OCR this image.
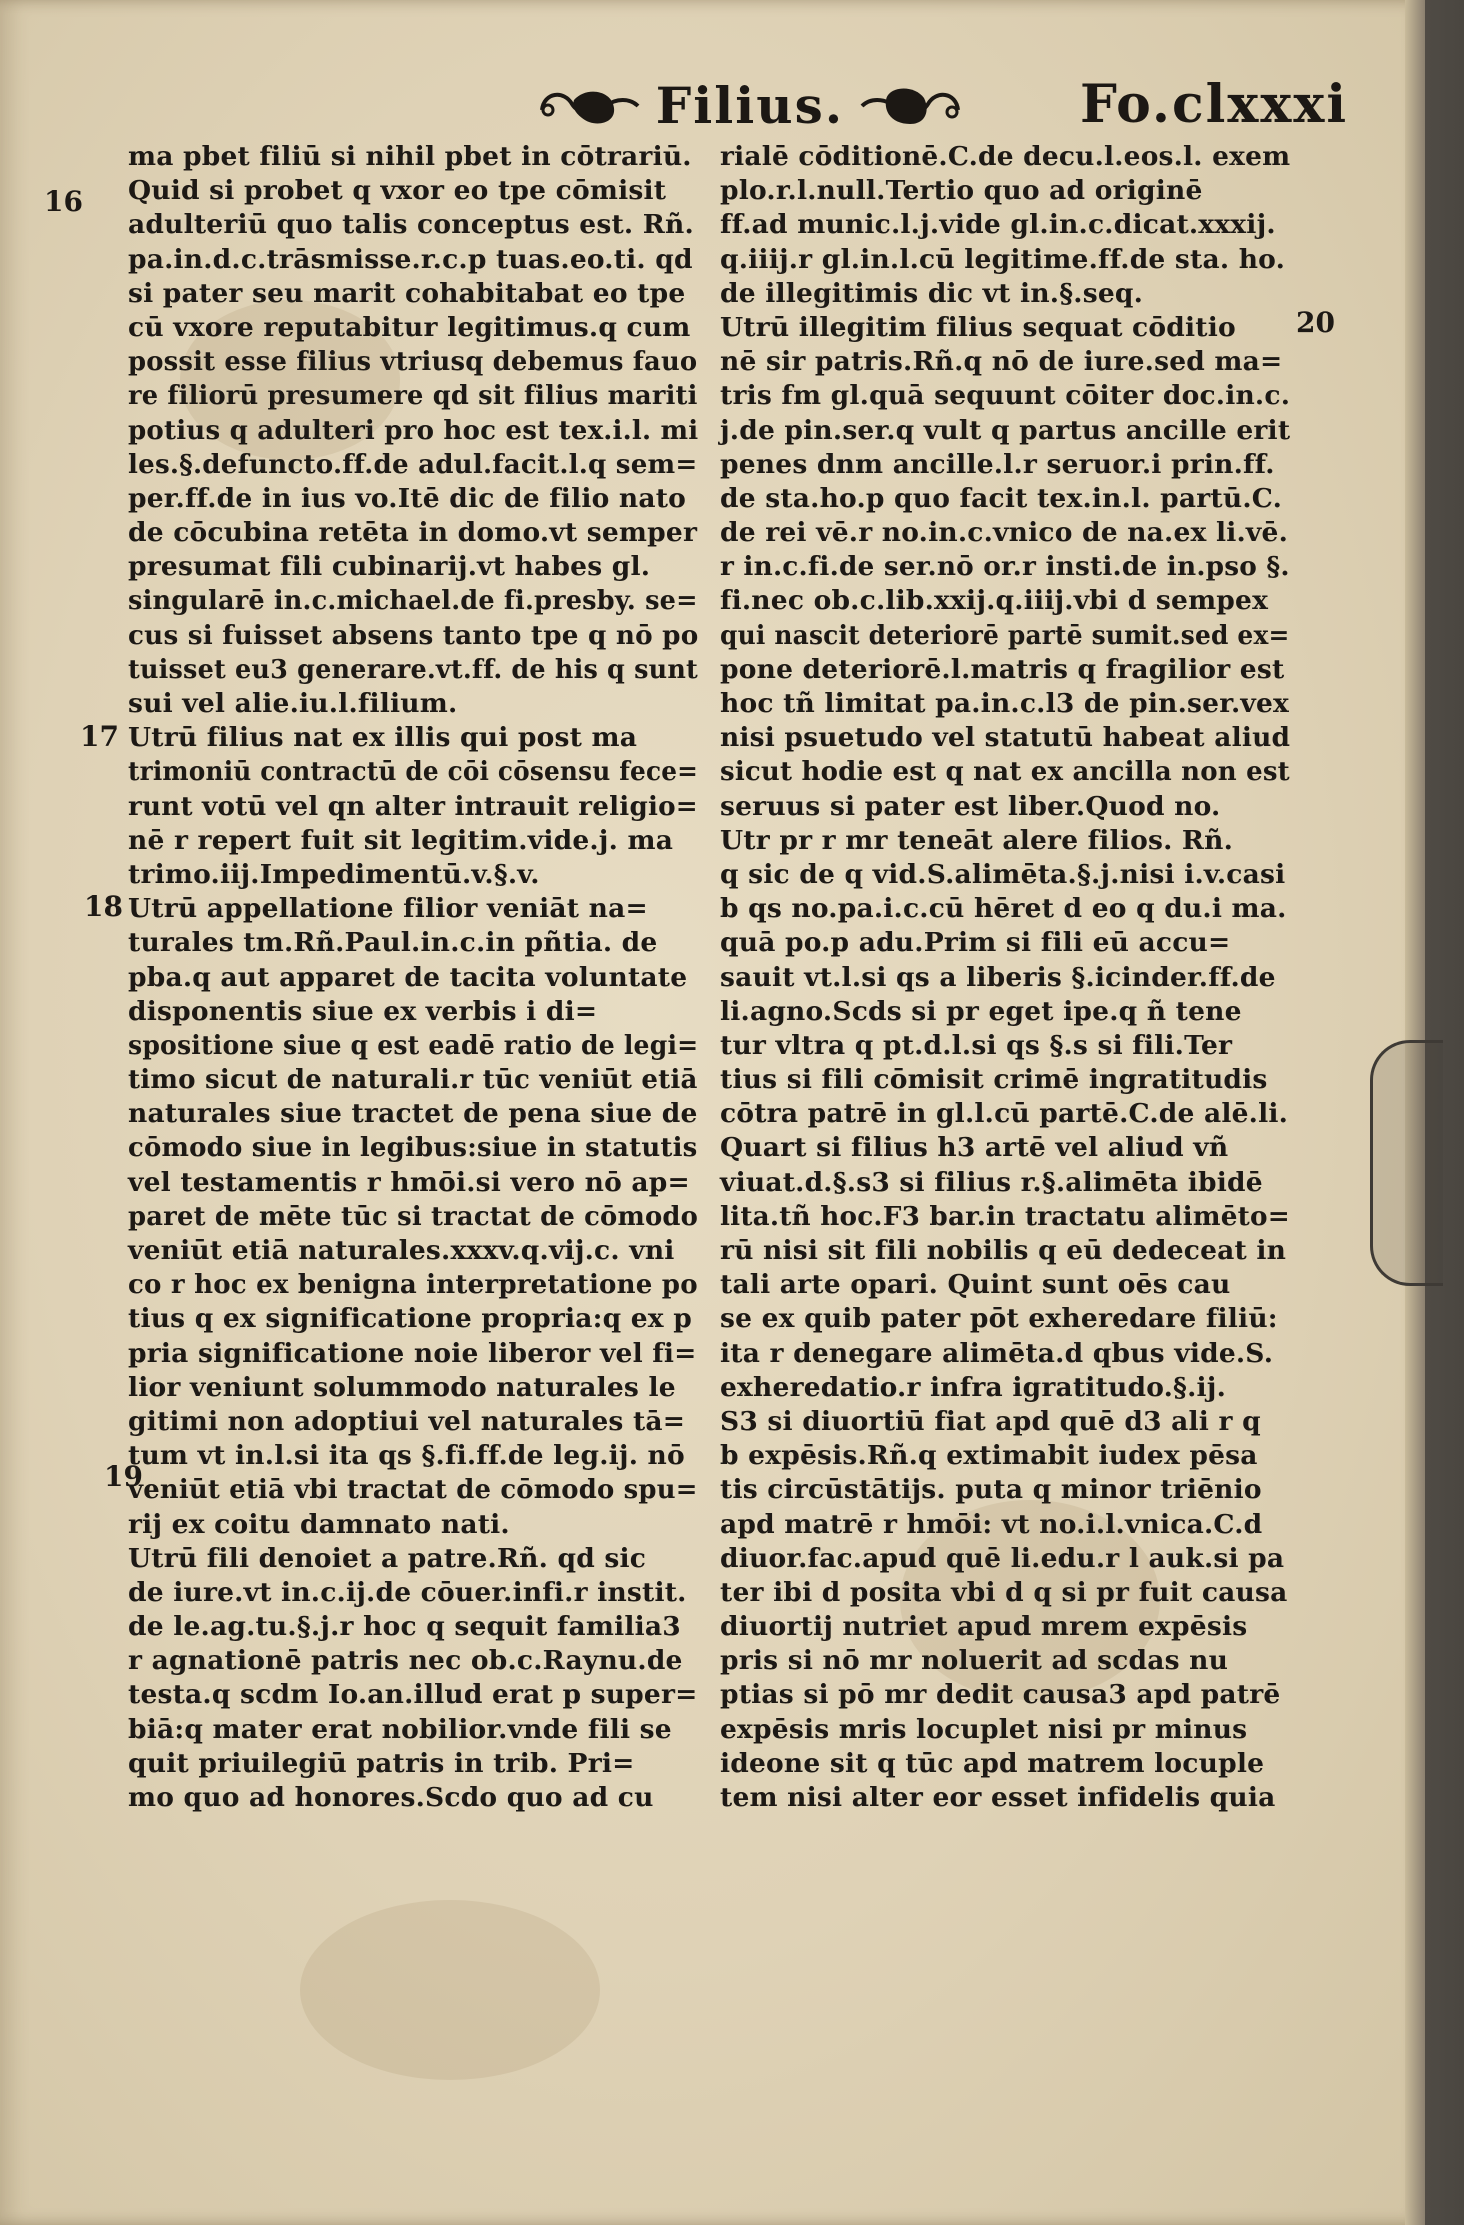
Filius.	Fo.clxxxi
16
17
18
19
20
ma pbet filiū si nihil pbet in cōtrariū.
Quid si probet q vxor eo tpe cōmisit
adulteriū quo talis conceptus est. Rñ.
pa.in.d.c.trāsmisse.r.c.p tuas.eo.ti. qd
si pater seu marit cohabitabat eo tpe
cū vxore reputabitur legitimus.q cum
possit esse filius vtriusq debemus fauo
re filiorū presumere qd sit filius mariti
potius q adulteri pro hoc est tex.i.l. mi
les.§.defuncto.ff.de adul.facit.l.q sem=
per.ff.de in ius vo.Itē dic de filio nato
de cōcubina retēta in domo.vt semper
presumat fili cubinarij.vt habes gl.
singularē in.c.michael.de fi.presby. se=
cus si fuisset absens tanto tpe q nō po
tuisset eu3 generare.vt.ff. de his q sunt
sui vel alie.iu.l.filium.
Utrū filius nat ex illis qui post ma
trimoniū contractū de cōi cōsensu fece=
runt votū vel qn alter intrauit religio=
nē r repert fuit sit legitim.vide.j. ma
trimo.iij.Impedimentū.v.§.v.
Utrū appellatione filior veniāt na=
turales tm.Rñ.Paul.in.c.in pñtia. de
pba.q aut apparet de tacita voluntate
disponentis siue ex verbis i di=
spositione siue q est eadē ratio de legi=
timo sicut de naturali.r tūc veniūt etiā
naturales siue tractet de pena siue de
cōmodo siue in legibus:siue in statutis
vel testamentis r hmōi.si vero nō ap=
paret de mēte tūc si tractat de cōmodo
veniūt etiā naturales.xxxv.q.vij.c. vni
co r hoc ex benigna interpretatione po
tius q ex significatione propria:q ex p
pria significatione noie liberor vel fi=
lior veniunt solummodo naturales le
gitimi non adoptiui vel naturales tā=
tum vt in.l.si ita qs §.fi.ff.de leg.ij. nō
veniūt etiā vbi tractat de cōmodo spu=
rij ex coitu damnato nati.
Utrū fili denoiet a patre.Rñ. qd sic
de iure.vt in.c.ij.de cōuer.infi.r instit.
de le.ag.tu.§.j.r hoc q sequit familia3
r agnationē patris nec ob.c.Raynu.de
testa.q scdm Io.an.illud erat p super=
biā:q mater erat nobilior.vnde fili se
quit priuilegiū patris in trib. Pri=
mo quo ad honores.Scdo quo ad cu
rialē cōditionē.C.de decu.l.eos.l. exem
plo.r.l.null.Tertio quo ad originē
ff.ad munic.l.j.vide gl.in.c.dicat.xxxij.
q.iiij.r gl.in.l.cū legitime.ff.de sta. ho.
de illegitimis dic vt in.§.seq.
Utrū illegitim filius sequat cōditio
nē sir patris.Rñ.q nō de iure.sed ma=
tris fm gl.quā sequunt cōiter doc.in.c.
j.de pin.ser.q vult q partus ancille erit
penes dnm ancille.l.r seruor.i prin.ff.
de sta.ho.p quo facit tex.in.l. partū.C.
de rei vē.r no.in.c.vnico de na.ex li.vē.
r in.c.fi.de ser.nō or.r insti.de in.pso §.
fi.nec ob.c.lib.xxij.q.iiij.vbi d sempex
qui nascit deteriorē partē sumit.sed ex=
pone deteriorē.l.matris q fragilior est
hoc tñ limitat pa.in.c.l3 de pin.ser.vex
nisi psuetudo vel statutū habeat aliud
sicut hodie est q nat ex ancilla non est
seruus si pater est liber.Quod no.
Utr pr r mr teneāt alere filios. Rñ.
q sic de q vid.S.alimēta.§.j.nisi i.v.casi
b qs no.pa.i.c.cū hēret d eo q du.i ma.
quā po.p adu.Prim si fili eū accu=
sauit vt.l.si qs a liberis §.icinder.ff.de
li.agno.Scds si pr eget ipe.q ñ tene
tur vltra q pt.d.l.si qs §.s si fili.Ter
tius si fili cōmisit crimē ingratitudis
cōtra patrē in gl.l.cū partē.C.de alē.li.
Quart si filius h3 artē vel aliud vñ
viuat.d.§.s3 si filius r.§.alimēta ibidē
lita.tñ hoc.F3 bar.in tractatu alimēto=
rū nisi sit fili nobilis q eū dedeceat in
tali arte opari. Quint sunt oēs cau
se ex quib pater pōt exheredare filiū:
ita r denegare alimēta.d qbus vide.S.
exheredatio.r infra igratitudo.§.ij.
S3 si diuortiū fiat apd quē d3 ali r q
b expēsis.Rñ.q extimabit iudex pēsa
tis circūstātijs. puta q minor triēnio
apd matrē r hmōi: vt no.i.l.vnica.C.d
diuor.fac.apud quē li.edu.r l auk.si pa
ter ibi d posita vbi d q si pr fuit causa
diuortij nutriet apud mrem expēsis
pris si nō mr noluerit ad scdas nu
ptias si pō mr dedit causa3 apd patrē
expēsis mris locuplet nisi pr minus
ideone sit q tūc apd matrem locuple
tem nisi alter eor esset infidelis quia
